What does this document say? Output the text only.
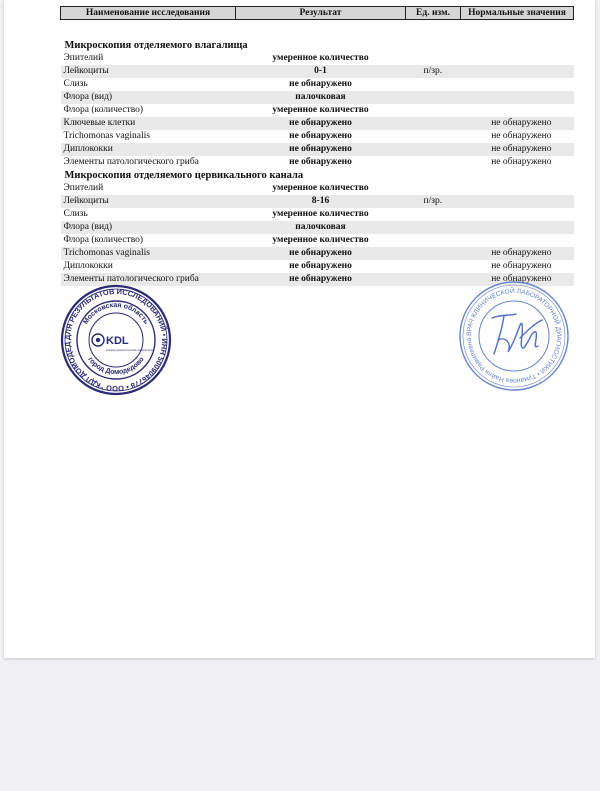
Наименование исследования	Результат	Ед. изм.	Нормальные значения

Микроскопия отделяемого влагалища			
Эпителий	умеренное количество		
Лейкоциты	0-1	п/зр.	
Слизь	не обнаружено		
Флора (вид)	палочковая		
Флора (количество)	умеренное количество		
Ключевые клетки	не обнаружено		не обнаружено
Trichomonas vaginalis	не обнаружено		не обнаружено
Диплококки	не обнаружено		не обнаружено
Элементы патологического гриба	не обнаружено		не обнаружено
Микроскопия отделяемого цервикального канала			
Эпителий	умеренное количество		
Лейкоциты	8-16	п/зр.	
Слизь	умеренное количество		
Флора (вид)	палочковая		
Флора (количество)	умеренное количество		
Trichomonas vaginalis	не обнаружено		не обнаружено
Диплококки	не обнаружено		не обнаружено
Элементы патологического гриба	не обнаружено		не обнаружено
ДЛЯ РЕЗУЛЬТАТОВ ИССЛЕДОВАНИЙ • ИНН 5009046778 • ООО "КДЛ ДОМОДЕД
Московская область
город Домодедово
KDL
клинико-диагностические лаборатории
ВРАЧ КЛИНИЧЕСКОЙ ЛАБОРАТОРНОЙ ДИАГНОСТИКИ • Туманова Найля Рамилевна
